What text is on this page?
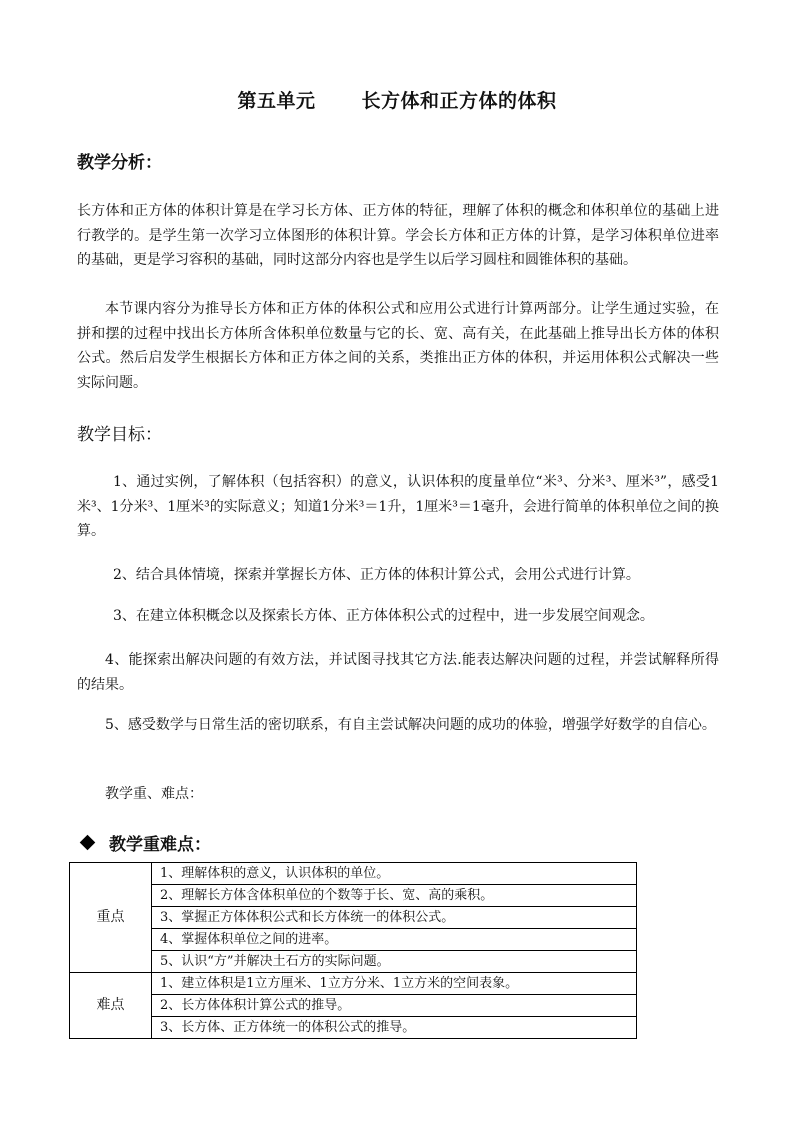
第五单元 长方体和正方体的体积
教学分析：
长方体和正方体的体积计算是在学习长方体、正方体的特征，理解了体积的概念和体积单位的基础上进行教学的。是学生第一次学习立体图形的体积计算。学会长方体和正方体的计算，是学习体积单位进率的基础，更是学习容积的基础，同时这部分内容也是学生以后学习圆柱和圆锥体积的基础。
本节课内容分为推导长方体和正方体的体积公式和应用公式进行计算两部分。让学生通过实验，在拼和摆的过程中找出长方体所含体积单位数量与它的长、宽、高有关，在此基础上推导出长方体的体积公式。然后启发学生根据长方体和正方体之间的关系，类推出正方体的体积，并运用体积公式解决一些实际问题。
教学目标：
1、通过实例，了解体积（包括容积）的意义，认识体积的度量单位“米³、分米³、厘米³”，感受1米³、1分米³、1厘米³的实际意义；知道1分米³＝1升，1厘米³＝1毫升，会进行简单的体积单位之间的换算。
2、结合具体情境，探索并掌握长方体、正方体的体积计算公式，会用公式进行计算。
3、在建立体积概念以及探索长方体、正方体体积公式的过程中，进一步发展空间观念。
4、能探索出解决问题的有效方法，并试图寻找其它方法.能表达解决问题的过程，并尝试解释所得的结果。
5、感受数学与日常生活的密切联系，有自主尝试解决问题的成功的体验，增强学好数学的自信心。
教学重、难点：
教学重难点：
重点	1、理解体积的意义，认识体积的单位。
	2、理解长方体含体积单位的个数等于长、宽、高的乘积。
	3、掌握正方体体积公式和长方体统一的体积公式。
	4、掌握体积单位之间的进率。
	5、认识“方”并解决土石方的实际问题。
难点	1、建立体积是1立方厘米、1立方分米、1立方米的空间表象。
	2、长方体体积计算公式的推导。
	3、长方体、正方体统一的体积公式的推导。
